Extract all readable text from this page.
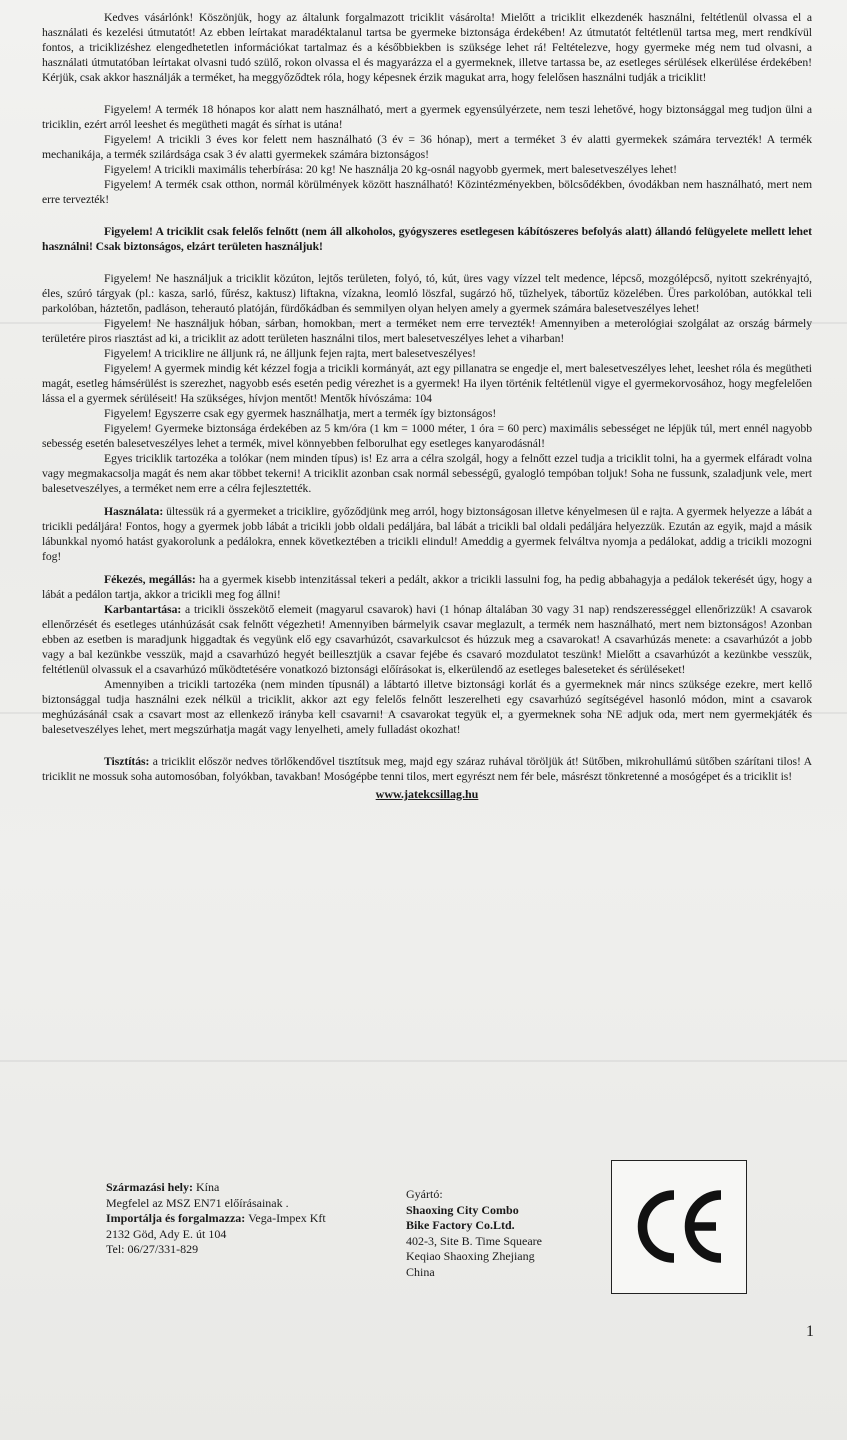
Kedves vásárlónk! Köszönjük, hogy az általunk forgalmazott triciklit vásárolta! Mielőtt a triciklit elkezdenék használni, feltétlenül olvassa el a használati és kezelési útmutatót! Az ebben leírtakat maradéktalanul tartsa be gyermeke biztonsága érdekében! Az útmutatót feltétlenül tartsa meg, mert rendkívül fontos, a triciklizéshez elengedhetetlen információkat tartalmaz és a későbbiekben is szüksége lehet rá! Feltételezve, hogy gyermeke még nem tud olvasni, a használati útmutatóban leírtakat olvasni tudó szülő, rokon olvassa el és magyarázza el a gyermeknek, illetve tartassa be, az esetleges sérülések elkerülése érdekében! Kérjük, csak akkor használják a terméket, ha meggyőződtek róla, hogy képesnek érzik magukat arra, hogy felelősen használni tudják a triciklit!

Figyelem! A termék 18 hónapos kor alatt nem használható, mert a gyermek egyensúlyérzete, nem teszi lehetővé, hogy biztonsággal meg tudjon ülni a triciklin, ezért arról leeshet és megütheti magát és sírhat is utána!

Figyelem! A tricikli 3 éves kor felett nem használható (3 év = 36 hónap), mert a terméket 3 év alatti gyermekek számára tervezték! A termék mechanikája, a termék szilárdsága csak 3 év alatti gyermekek számára biztonságos!

Figyelem! A tricikli maximális teherbírása: 20 kg! Ne használja 20 kg-osnál nagyobb gyermek, mert balesetveszélyes lehet!

Figyelem! A termék csak otthon, normál körülmények között használható! Közintézményekben, bölcsődékben, óvodákban nem használható, mert nem erre tervezték!

Figyelem! A triciklit csak felelős felnőtt (nem áll alkoholos, gyógyszeres esetlegesen kábítószeres befolyás alatt) állandó felügyelete mellett lehet használni! Csak biztonságos, elzárt területen használjuk!

Figyelem! Ne használjuk a triciklit közúton, lejtős területen, folyó, tó, kút, üres vagy vízzel telt medence, lépcső, mozgólépcső, nyitott szekrényajtó, éles, szúró tárgyak (pl.: kasza, sarló, fűrész, kaktusz) liftakna, vízakna, leomló löszfal, sugárzó hő, tűzhelyek, tábortűz közelében. Üres parkolóban, autókkal teli parkolóban, háztetőn, padláson, teherautó platóján, fürdőkádban és semmilyen olyan helyen amely a gyermek számára balesetveszélyes lehet!

Figyelem! Ne használjuk hóban, sárban, homokban, mert a terméket nem erre tervezték! Amennyiben a meterológiai szolgálat az ország bármely területére piros riasztást ad ki, a triciklit az adott területen használni tilos, mert balesetveszélyes lehet a viharban!

Figyelem! A triciklire ne álljunk rá, ne álljunk fejen rajta, mert balesetveszélyes!

Figyelem! A gyermek mindig két kézzel fogja a tricikli kormányát, azt egy pillanatra se engedje el, mert balesetveszélyes lehet, leeshet róla és megütheti magát, esetleg hámsérülést is szerezhet, nagyobb esés esetén pedig vérezhet is a gyermek! Ha ilyen történik feltétlenül vigye el gyermekorvosához, hogy megfelelően lássa el a gyermek sérüléseit! Ha szükséges, hívjon mentőt! Mentők hívószáma: 104

Figyelem! Egyszerre csak egy gyermek használhatja, mert a termék így biztonságos!

Figyelem! Gyermeke biztonsága érdekében az 5 km/óra (1 km = 1000 méter, 1 óra = 60 perc) maximális sebességet ne lépjük túl, mert ennél nagyobb sebesség esetén balesetveszélyes lehet a termék, mivel könnyebben felborulhat egy esetleges kanyarodásnál!

Egyes triciklik tartozéka a tolókar (nem minden típus) is! Ez arra a célra szolgál, hogy a felnőtt ezzel tudja a triciklit tolni, ha a gyermek elfáradt volna vagy megmakacsolja magát és nem akar többet tekerni! A triciklit azonban csak normál sebességű, gyalogló tempóban toljuk! Soha ne fussunk, szaladjunk vele, mert balesetveszélyes, a terméket nem erre a célra fejlesztették.

Használata: ültessük rá a gyermeket a triciklire, győződjünk meg arról, hogy biztonságosan illetve kényelmesen ül e rajta. A gyermek helyezze a lábát a tricikli pedáljára! Fontos, hogy a gyermek jobb lábát a tricikli jobb oldali pedáljára, bal lábát a tricikli bal oldali pedáljára helyezzük. Ezután az egyik, majd a másik lábunkkal nyomó hatást gyakorolunk a pedálokra, ennek következtében a tricikli elindul! Ameddig a gyermek felváltva nyomja a pedálokat, addig a tricikli mozogni fog!

Fékezés, megállás: ha a gyermek kisebb intenzitással tekeri a pedált, akkor a tricikli lassulni fog, ha pedig abbahagyja a pedálok tekerését úgy, hogy a lábát a pedálon tartja, akkor a tricikli meg fog állni!

Karbantartása: a tricikli összekötő elemeit (magyarul csavarok) havi (1 hónap általában 30 vagy 31 nap) rendszerességgel ellenőrizzük! A csavarok ellenőrzését és esetleges utánhúzását csak felnőtt végezheti! Amennyiben bármelyik csavar meglazult, a termék nem használható, mert nem biztonságos! Azonban ebben az esetben is maradjunk higgadtak és vegyünk elő egy csavarhúzót, csavarkulcsot és húzzuk meg a csavarokat! A csavarhúzás menete: a csavarhúzót a jobb vagy a bal kezünkbe vesszük, majd a csavarhúzó hegyét beillesztjük a csavar fejébe és csavaró mozdulatot teszünk! Mielőtt a csavarhúzót a kezünkbe vesszük, feltétlenül olvassuk el a csavarhúzó működtetésére vonatkozó biztonsági előírásokat is, elkerülendő az esetleges baleseteket és sérüléseket!

Amennyiben a tricikli tartozéka (nem minden típusnál) a lábtartó illetve biztonsági korlát és a gyermeknek már nincs szüksége ezekre, mert kellő biztonsággal tudja használni ezek nélkül a triciklit, akkor azt egy felelős felnőtt leszerelheti egy csavarhúzó segítségével hasonló módon, mint a csavarok meghúzásánál csak a csavart most az ellenkező irányba kell csavarni! A csavarokat tegyük el, a gyermeknek soha NE adjuk oda, mert nem gyermekjáték és balesetveszélyes lehet, mert megszúrhatja magát vagy lenyelheti, amely fulladást okozhat!

Tisztítás: a triciklit először nedves törlőkendővel tisztítsuk meg, majd egy száraz ruhával töröljük át! Sütőben, mikrohullámú sütőben szárítani tilos! A triciklit ne mossuk soha automosóban, folyókban, tavakban! Mosógépbe tenni tilos, mert egyrészt nem fér bele, másrészt tönkretenné a mosógépet és a triciklit is!

www.jatekcsillag.hu
Származási hely: Kína
Megfelel az MSZ EN71 előírásainak .
Importálja és forgalmazza: Vega-Impex Kft
2132 Göd, Ady E. út 104
Tel: 06/27/331-829
Gyártó:
Shaoxing City Combo
Bike Factory Co.Ltd.
402-3, Site B. Time Squeare
Keqiao Shaoxing Zhejiang
China
1
